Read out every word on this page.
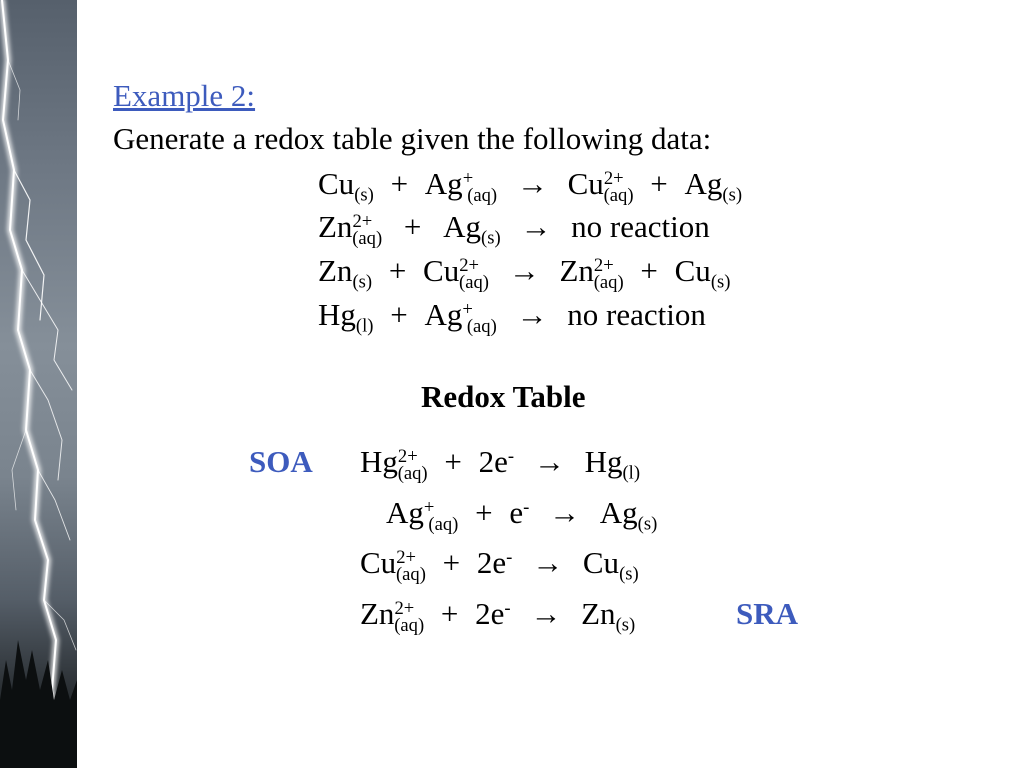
Example 2:
Generate a redox table given the following data:
$Cu_{(s)} + Ag^+_{(aq)} \to Cu^{2+}_{(aq)} + Ag_{(s)}$
$Zn^{2+}_{(aq)} + Ag_{(s)}$ → no reaction
$Zn_{(s)} + Cu^{2+}_{(aq)} \to Zn^{2+}_{(aq)} + Cu_{(s)}$
$Hg_{(l)} + Ag^+_{(aq)}$ → no reaction
Redox Table
SOA $Hg^{2+}_{(aq)} + 2e^- \to Hg_{(l)}$
$Ag^+_{(aq)} + e^- \to Ag_{(s)}$
$Cu^{2+}_{(aq)} + 2e^- \to Cu_{(s)}$
$Zn^{2+}_{(aq)} + 2e^- \to Zn_{(s)}$	SRA
